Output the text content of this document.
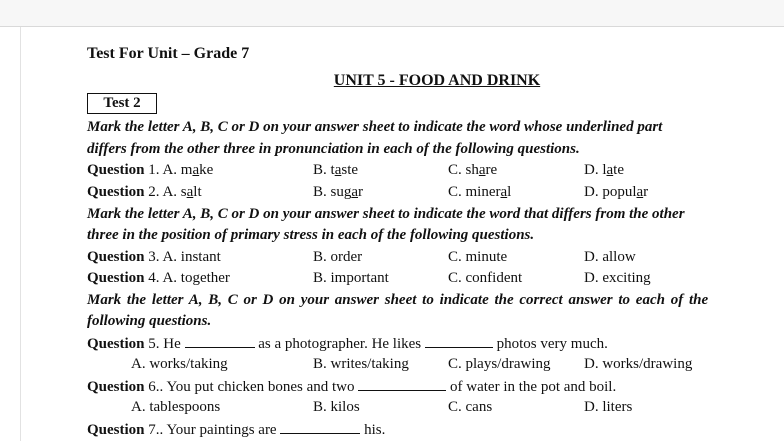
Test For Unit – Grade 7
UNIT 5 - FOOD AND DRINK
Test 2
Mark the letter A, B, C or D on your answer sheet to indicate the word whose underlined part
differs from the other three in pronunciation in each of the following questions.
Question 1. A. make	B. taste	C. share	D. late
Question 2. A. salt	B. sugar	C. mineral	D. popular
Mark the letter A, B, C or D on your answer sheet to indicate the word that differs from the other
three in the position of primary stress in each of the following questions.
Question 3. A. instant	B. order	C. minute	D. allow
Question 4. A. together	B. important	C. confident	D. exciting
Mark the letter A, B, C or D on your answer sheet to indicate the correct answer to each of the
following questions.
Question 5. He	as a photographer. He likes	photos very much.
A. works/taking	B. writes/taking	C. plays/drawing D. works/drawing
Question 6.. You put chicken bones and two	of water in the pot and boil.
A. tablespoons	B. kilos	C. cans	D. liters
Question 7.. Your paintings are	his.
